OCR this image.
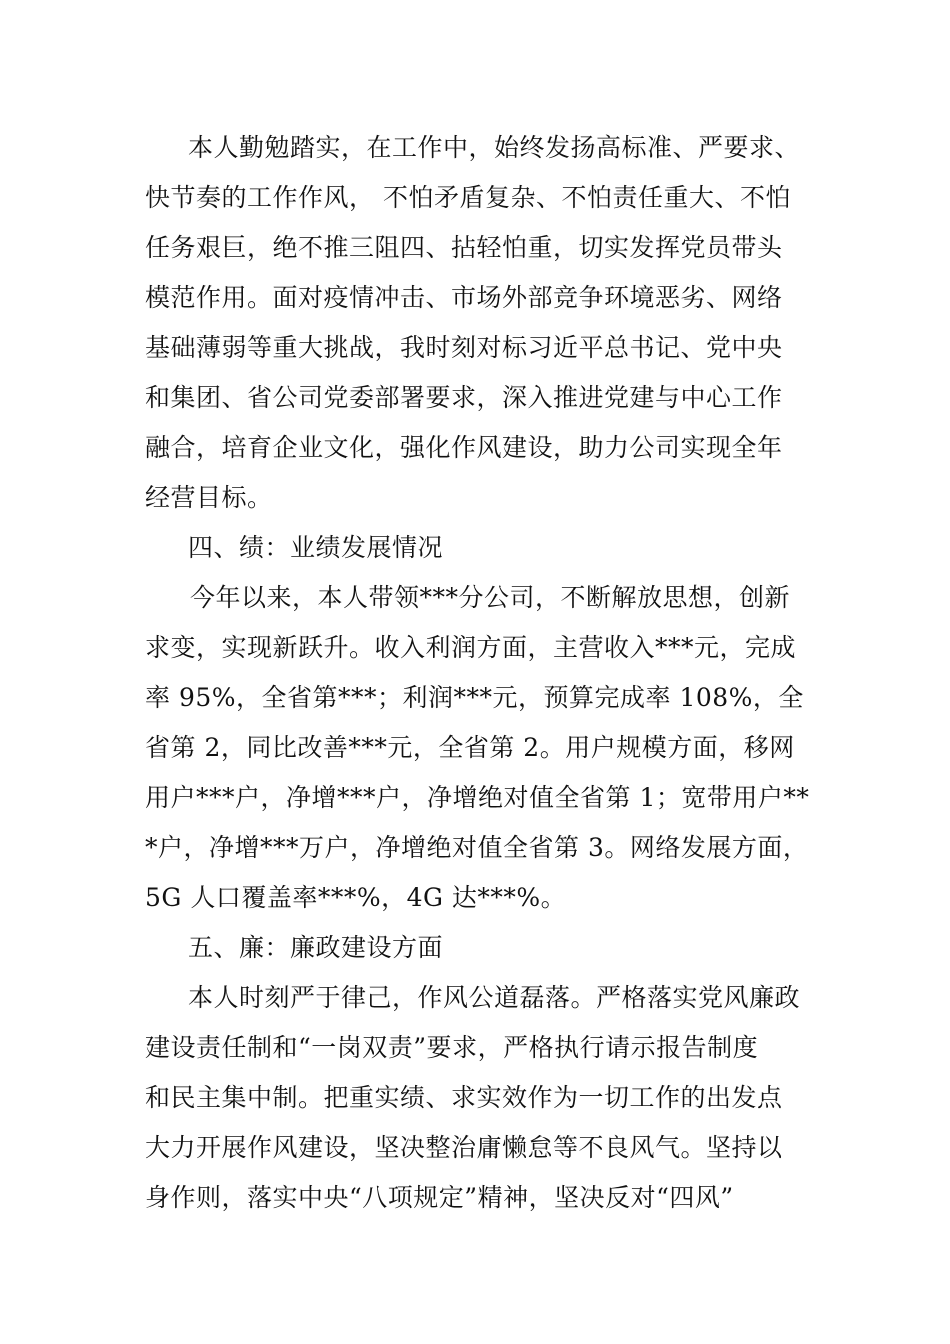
本人勤勉踏实，在工作中，始终发扬高标准、严要求、
快节奏的工作作风， 不怕矛盾复杂、不怕责任重大、不怕
任务艰巨，绝不推三阻四、拈轻怕重，切实发挥党员带头
模范作用。面对疫情冲击、市场外部竞争环境恶劣、网络
基础薄弱等重大挑战，我时刻对标习近平总书记、党中央
和集团、省公司党委部署要求，深入推进党建与中心工作
融合，培育企业文化，强化作风建设，助力公司实现全年
经营目标。
四、绩：业绩发展情况
今年以来，本人带领***分公司，不断解放思想，创新
求变，实现新跃升。收入利润方面，主营收入***元，完成
率 95%，全省第***；利润***元，预算完成率 108%，全
省第 2，同比改善***元，全省第 2。用户规模方面，移网
用户***户，净增***户，净增绝对值全省第 1；宽带用户**
*户，净增***万户，净增绝对值全省第 3。网络发展方面，
5G 人口覆盖率***%，4G 达***%。
五、廉：廉政建设方面
本人时刻严于律己，作风公道磊落。严格落实党风廉政
建设责任制和“一岗双责”要求，严格执行请示报告制度
和民主集中制。把重实绩、求实效作为一切工作的出发点
大力开展作风建设，坚决整治庸懒怠等不良风气。坚持以
身作则，落实中央“八项规定”精神，坚决反对“四风”
